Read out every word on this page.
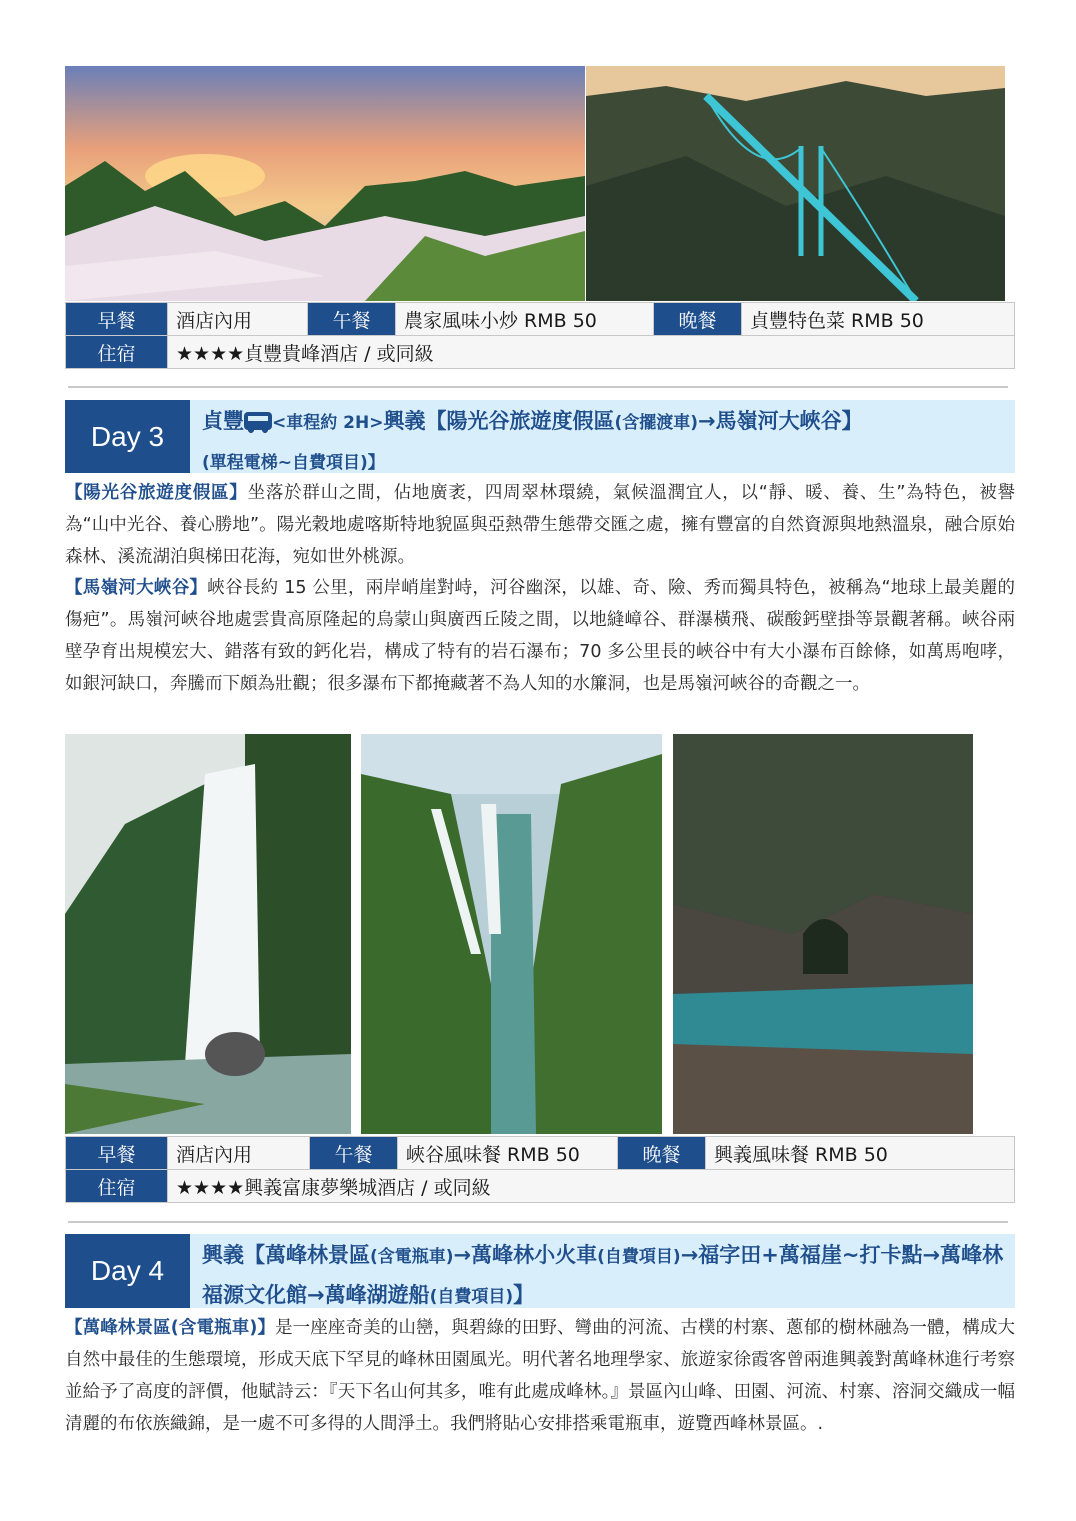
早餐	酒店內用	午餐	農家風味小炒 RMB 50	晚餐	貞豐特色菜 RMB 50
住宿	★★★★貞豐貴峰酒店 / 或同級				
Day 3	貞豐 <車程約 2H>興義【陽光谷旅遊度假區(含擺渡車)→馬嶺河大峽谷】
(單程電梯~自費項目)】
【陽光谷旅遊度假區】坐落於群山之間，佔地廣袤，四周翠林環繞，氣候溫潤宜人，以“靜、暖、養、生”為特色，被譽為“山中光谷、養心勝地”。陽光穀地處喀斯特地貌區與亞熱帶生態帶交匯之處，擁有豐富的自然資源與地熱溫泉，融合原始森林、溪流湖泊與梯田花海，宛如世外桃源。
【馬嶺河大峽谷】峽谷長約 15 公里，兩岸峭崖對峙，河谷幽深，以雄、奇、險、秀而獨具特色，被稱為“地球上最美麗的傷疤”。馬嶺河峽谷地處雲貴高原隆起的烏蒙山與廣西丘陵之間，以地縫嶂谷、群瀑橫飛、碳酸鈣壁掛等景觀著稱。峽谷兩壁孕育出規模宏大、錯落有致的鈣化岩，構成了特有的岩石瀑布；70 多公里長的峽谷中有大小瀑布百餘條，如萬馬咆哮，如銀河缺口，奔騰而下頗為壯觀；很多瀑布下都掩藏著不為人知的水簾洞，也是馬嶺河峽谷的奇觀之一。
早餐	酒店內用	午餐	峽谷風味餐 RMB 50	晚餐	興義風味餐 RMB 50
住宿	★★★★興義富康夢樂城酒店 / 或同級				
Day 4	興義【萬峰林景區(含電瓶車)→萬峰林小火車(自費項目)→福字田+萬福崖~打卡點→萬峰林福源文化館→萬峰湖遊船(自費項目)】
【萬峰林景區(含電瓶車)】是一座座奇美的山巒，與碧綠的田野、彎曲的河流、古樸的村寨、蔥郁的樹林融為一體，構成大自然中最佳的生態環境，形成天底下罕見的峰林田園風光。明代著名地理學家、旅遊家徐霞客曾兩進興義對萬峰林進行考察並給予了高度的評價，他賦詩云：『天下名山何其多，唯有此處成峰林。』景區內山峰、田園、河流、村寨、溶洞交織成一幅清麗的布依族織錦，是一處不可多得的人間淨土。我們將貼心安排搭乘電瓶車，遊覽西峰林景區。.
